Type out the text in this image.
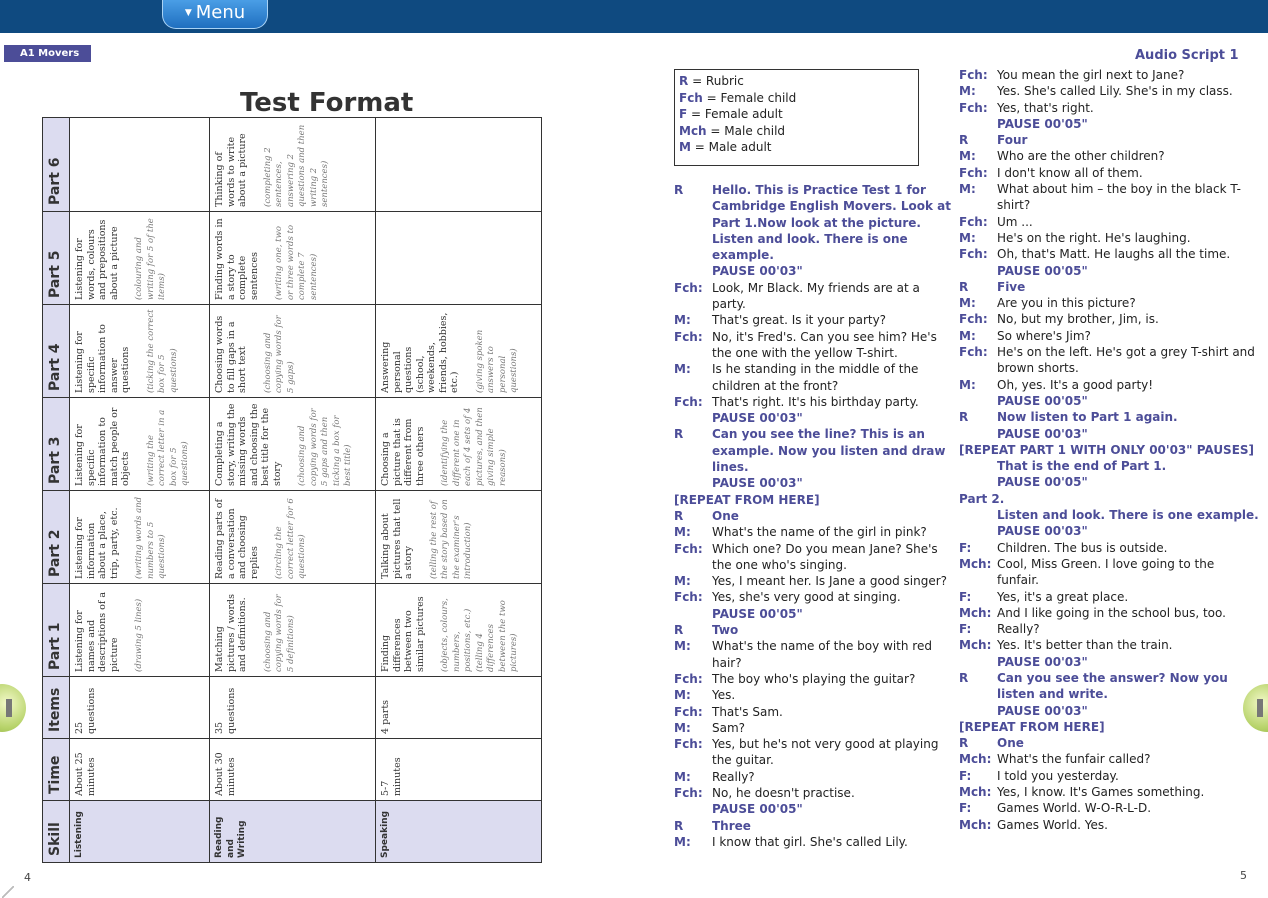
▼ Menu
A1 Movers
Test Format
Skill	Time	Items	Part 1	Part 2	Part 3	Part 4	Part 5	Part 6
Listening	About 25 minutes	25 questions	Listening for names and descriptions of a picture (drawing 5 lines)	Listening for information about a place, trip, party, etc. (writing words and numbers to 5 questions)	Listening for specific information to match people or objects (writing the correct letter in a box for 5 questions)	Listening for specific information to answer questions (ticking the correct box for 5 questions)	Listening for words, colours and prepositions about a picture (colouring and writing for 5 of the items)	

Reading and Writing	About 30 minutes	35 questions	Matching pictures / words and definitions. (choosing and copying words for 5 definitions)	Reading parts of a conversation and choosing replies (circling the correct letter for 6 questions)	Completing a story, writing the missing words and choosing the best title for the story (choosing and copying words for 5 gaps and then ticking a box for best title)	Choosing words to fill gaps in a short text (choosing and copying words for 5 gaps)	Finding words in a story to complete sentences (writing one, two or three words to complete 7 sentences)	Thinking of words to write about a picture (completing 2 sentences, answering 2 questions and then writing 2 sentences)

Speaking	5-7 minutes	4 parts	Finding differences between two similar pictures (objects, colours, numbers, positions, etc.) (telling 4 differences between the two pictures)	Talking about pictures that tell a story (telling the rest of the story based on the examiner's introduction)	Choosing a picture that is different from three others (identifying the different one in each of 4 sets of 4 pictures, and then giving simple reasons)	Answering personal questions (school, weekends, friends, hobbies, etc.) (giving spoken answers to personal questions)		

4
Audio Script 1
R = Rubric
Fch = Female child
F = Female adult
Mch = Male child
M = Male adult
R	Hello. This is Practice Test 1 for Cambridge English Movers. Look at Part 1.Now look at the picture. Listen and look. There is one example.
PAUSE 00'03"
Fch: Look, Mr Black. My friends are at a party.
M:	That's great. Is it your party?
Fch: No, it's Fred's. Can you see him? He's the one with the yellow T-shirt.
M:	Is he standing in the middle of the children at the front?
Fch: That's right. It's his birthday party.
PAUSE 00'03"
R	Can you see the line? This is an example. Now you listen and draw lines.
PAUSE 00'03"
[REPEAT FROM HERE]
R	One
M:	What's the name of the girl in pink?
Fch: Which one? Do you mean Jane? She's the one who's singing.
M:	Yes, I meant her. Is Jane a good singer?
Fch: Yes, she's very good at singing.
PAUSE 00'05"
R	Two
M:	What's the name of the boy with red hair?
Fch: The boy who's playing the guitar?
M:	Yes.
Fch: That's Sam.
M:	Sam?
Fch: Yes, but he's not very good at playing the guitar.
M:	Really?
Fch: No, he doesn't practise.
PAUSE 00'05"
R	Three
M:	I know that girl. She's called Lily.
Fch: You mean the girl next to Jane?
M:	Yes. She's called Lily. She's in my class.
Fch: Yes, that's right.
PAUSE 00'05"
R	Four
M:	Who are the other children?
Fch: I don't know all of them.
M:	What about him – the boy in the black T-shirt?
Fch: Um ...
M:	He's on the right. He's laughing.
Fch: Oh, that's Matt. He laughs all the time.
PAUSE 00'05"
R	Five
M:	Are you in this picture?
Fch: No, but my brother, Jim, is.
M:	So where's Jim?
Fch: He's on the left. He's got a grey T-shirt and brown shorts.
M:	Oh, yes. It's a good party!
PAUSE 00'05"
R	Now listen to Part 1 again.
PAUSE 00'03"
[REPEAT PART 1 WITH ONLY 00'03" PAUSES]
That is the end of Part 1.
PAUSE 00'05"
Part 2.
Listen and look. There is one example.
PAUSE 00'03"
F:	Children. The bus is outside.
Mch: Cool, Miss Green. I love going to the funfair.
F:	Yes, it's a great place.
Mch: And I like going in the school bus, too.
F:	Really?
Mch: Yes. It's better than the train.
PAUSE 00'03"
R	Can you see the answer? Now you listen and write.
PAUSE 00'03"
[REPEAT FROM HERE]
R	One
Mch: What's the funfair called?
F:	I told you yesterday.
Mch: Yes, I know. It's Games something.
F:	Games World. W-O-R-L-D.
Mch: Games World. Yes.
5
